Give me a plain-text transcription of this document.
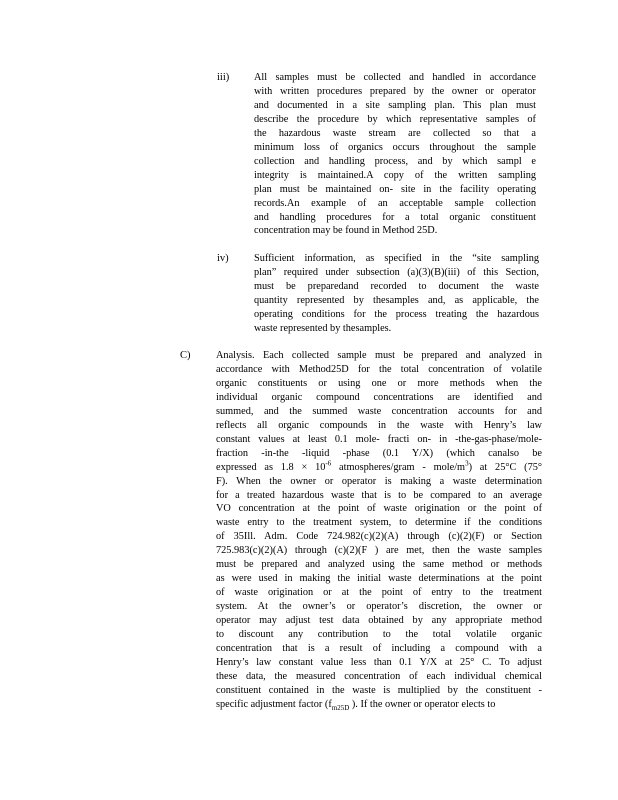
iii) All samples must be collected and handled in accordance
with written procedures prepared by the owner or operator
and documented in a site sampling plan. This plan must
describe the procedure by which representative samples of
the hazardous waste stream are collected so that a
minimum loss of organics occurs throughout the sample
collection and handling process, and by which sampl e
integrity is maintained.A copy of the written sampling
plan must be maintained on- site in the facility operating
records.An example of an acceptable sample collection
and handling procedures for a total organic constituent
concentration may be found in Method 25D.
iv) Sufficient information, as specified in the “site sampling
plan” required under subsection (a)(3)(B)(iii) of this Section,
must be preparedand recorded to document the waste
quantity represented by thesamples and, as applicable, the
operating conditions for the process treating the hazardous
waste represented by thesamples.
C) Analysis. Each collected sample must be prepared and analyzed in
accordance with Method25D for the total concentration of volatile
organic constituents or using one or more methods when the
individual organic compound concentrations are identified and
summed, and the summed waste concentration accounts for and
reflects all organic compounds in the waste with Henry’s law
constant values at least 0.1 mole- fracti on- in -the-gas-phase/mole-
fraction -in-the -liquid -phase (0.1 Y/X) (which canalso be
expressed as $1.8 \times 10^{-6}$ atmospheres/gram - mole/$m^3$) at 25°C (75°
F). When the owner or operator is making a waste determination
for a treated hazardous waste that is to be compared to an average
VO concentration at the point of waste origination or the point of
waste entry to the treatment system, to determine if the conditions
of 35Ill. Adm. Code 724.982(c)(2)(A) through (c)(2)(F) or Section
725.983(c)(2)(A) through (c)(2)(F ) are met, then the waste samples
must be prepared and analyzed using the same method or methods
as were used in making the initial waste determinations at the point
of waste origination or at the point of entry to the treatment
system. At the owner’s or operator’s discretion, the owner or
operator may adjust test data obtained by any appropriate method
to discount any contribution to the total volatile organic
concentration that is a result of including a compound with a
Henry’s law constant value less than 0.1 Y/X at 25° C. To adjust
these data, the measured concentration of each individual chemical
constituent contained in the waste is multiplied by the constituent -
specific adjustment factor ($f_{m25D}$ ). If the owner or operator elects to
